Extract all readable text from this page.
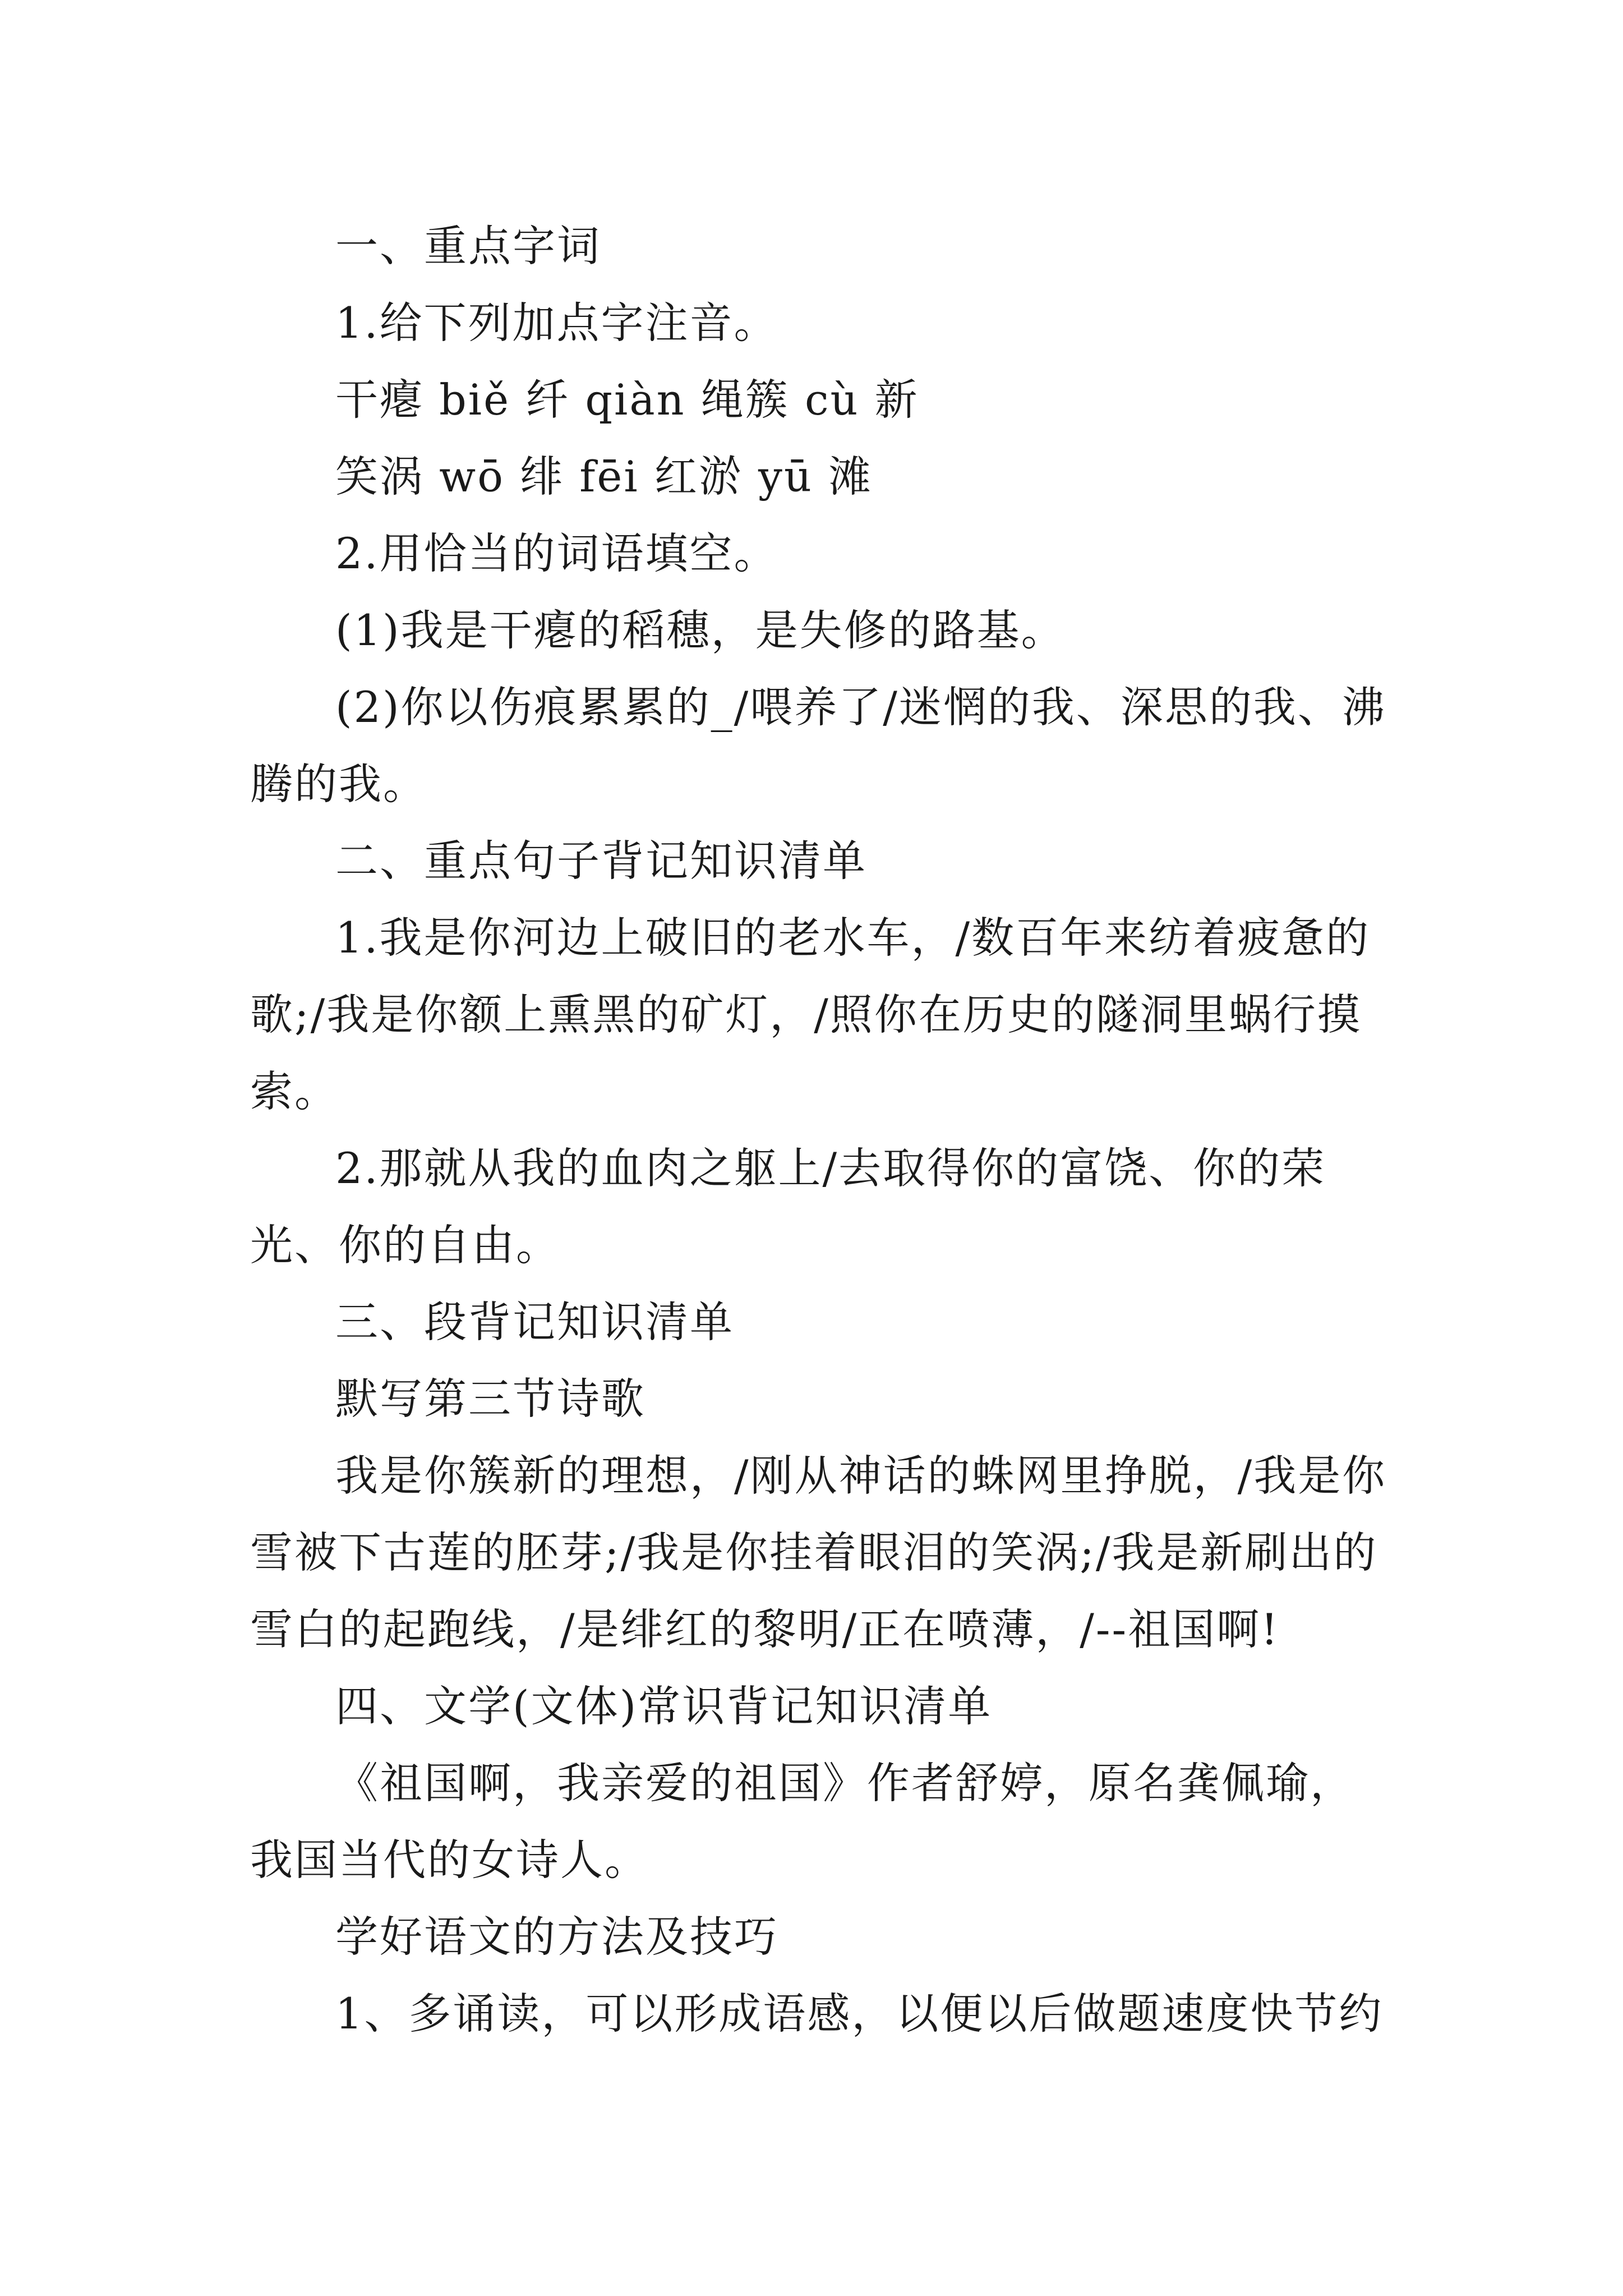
一、重点字词

1.给下列加点字注音。

干瘪 biě 纤 qiàn 绳簇 cù 新

笑涡 wō 绯 fēi 红淤 yū 滩

2.用恰当的词语填空。

(1)我是干瘪的稻穗，是失修的路基。

(2)你以伤痕累累的_/喂养了/迷惘的我、深思的我、沸腾的我。

二、重点句子背记知识清单

1.我是你河边上破旧的老水车，/数百年来纺着疲惫的歌;/我是你额上熏黑的矿灯，/照你在历史的隧洞里蜗行摸索。

2.那就从我的血肉之躯上/去取得你的富饶、你的荣光、你的自由。

三、段背记知识清单

默写第三节诗歌

我是你簇新的理想，/刚从神话的蛛网里挣脱，/我是你雪被下古莲的胚芽;/我是你挂着眼泪的笑涡;/我是新刷出的雪白的起跑线，/是绯红的黎明/正在喷薄，/--祖国啊!

四、文学(文体)常识背记知识清单

《祖国啊，我亲爱的祖国》作者舒婷，原名龚佩瑜，我国当代的女诗人。

学好语文的方法及技巧

1、多诵读，可以形成语感，以便以后做题速度快节约
